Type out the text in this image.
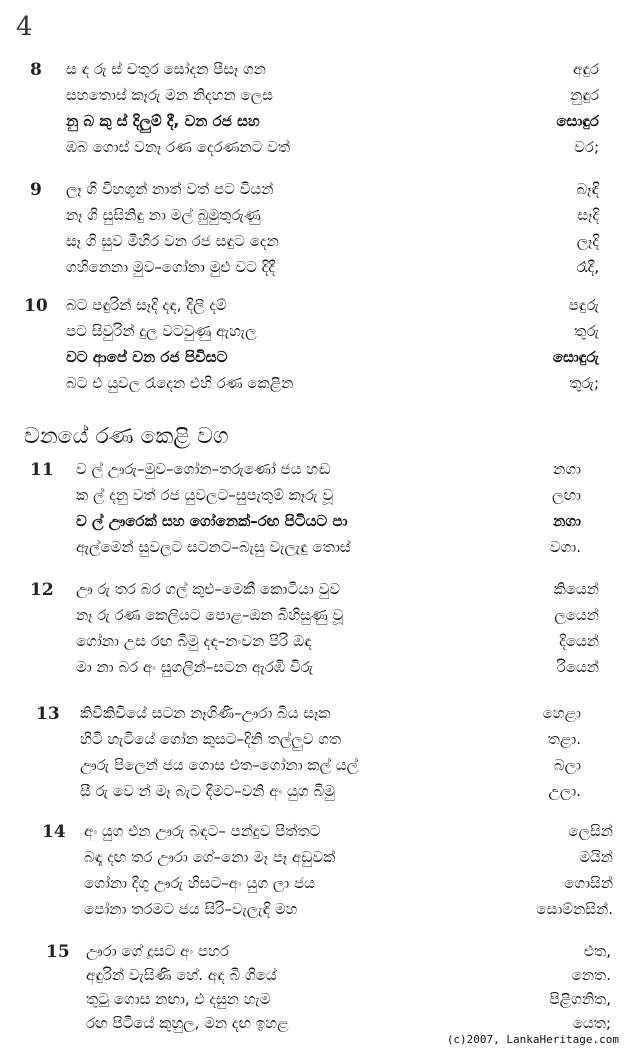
4
8 ස ඳ රු ස් චතුර සෝදන පීසෑ ගන	අඳුර
සහතොස් කෑරු මන නිදහන ලෙස	නුඳුර
නු බ කු ස් දිලුම් දී, වන රජ සහ	සොඳුර
ඹබ ගොස් වනෑ රණ දෙරණනට වත්	වර;
9 ලෑ ගි විහගුන් නාත් වත් පට වියන්	බෑඳි
නෑ ගි සුසිනිඳු නා මල් බුමුතුරුණු	සෑදි
සෑ ගි සුව මිහිර වන රජ සඳුට දෙන	ලෑදි
ගහිනෙනා මුව–ගෝනා මුළු වට දිදී	රෑදී,
10 බට පඳුරින් සෑදි දඳ, දිලි දම්	පඳුරු
පට සිවුරින් දුල වටවුණු ඇහැල	තුරු
වට ආපේ වන රජ පිවිසට	සොඳුරු
බට එ යුවල රෑදෙන එහි රණ කෙළින	තුරු;
වනයේ රණ කෙළි වග
11 ව ල් ඌරු–මුව–ගෝන–තරුණෝ ජය හඬ	නගා
ක ල් දනු වත් රජ යුවලට–සුපැතුම් කෑරු වූ	ලඟා
ව ල් ඌරෙක් සහ ගෝනෙක්–රඟ පිටියට පා	නගා
ඇල්මෙන් සුවලට සටනට–බැසු වැලැඳු තොස්	වගා.
12 ඌ රු තර බර ගල් කුළු–මෙකී කොටියා වුව	කියෙන්
නෑ රු රණ කෙලියට පොළ–ඔන බිහිසුණු වූ	ලයෙන්
ගෝනා උස රඟ බිමු දඳ–නංවන පිරි ඔඳ	දියෙන්
මා නා බර අං සුගලින්–සටන ඇරඹි විරු	රියෙන්
13 කිවිකිවියේ සටන නෑගිණි–ඌරා බිය සෑක	හෙළා
හිටි හැටියේ ගෝන කුසට–දිනි තල්ලුව ගත	තළා.
ඌරු පිලෙන් ජය ගොස එත–ගෝනා කල් යල්	බලා
සී රු වෙ න් මෑ බැට දීමට–වනි අං යුග බිමු	උලා.
14 අං යුග එන ඌරු බඳට– පන්දුව පිත්තට	ලෙසින්
බඳෑ දඟ තර ඌරා ගේ–නො මෑ පෑ අඩුවක්	මයින්
ගෝනා දිගු ඌරු හිසට–අං යුග ලා ජය	ගොසින්
පෝනා තරමට ජය සිරි–වැලැඳි මහ	සොම්නසින්.
15 ඌරා ගේ දූසට අං පහර	එත,
අඳුරින් වැසිණි හේ. අඳ බී ගියේ	නෙත.
තුටු ගොස නඟා, එ දසුන හැම	පිළිගනිත,
රඟ පිටියේ කුහුල, මන දඟ ඉහළ	යෙත;
(c)2007, LankaHeritage.com
